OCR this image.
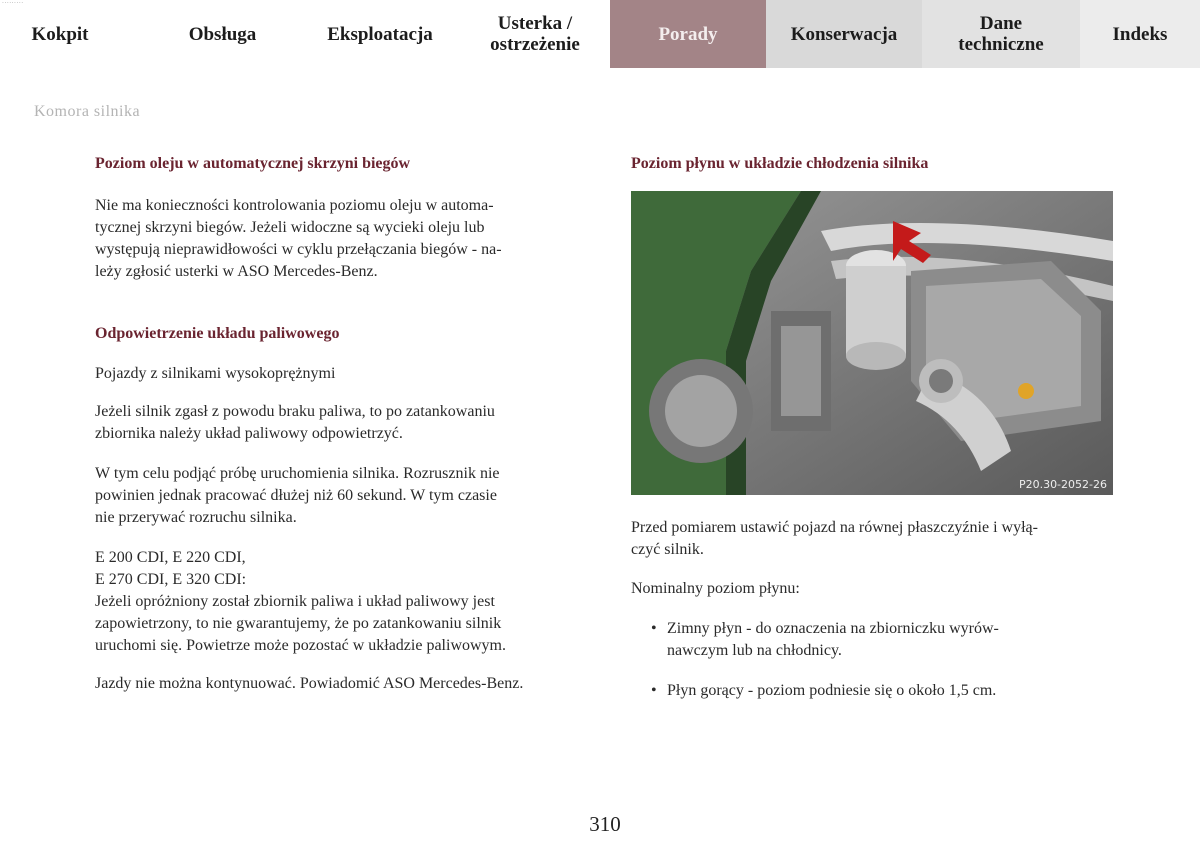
·········
Kokpit	Obsługa	Eksploatacja	Usterka / ostrzeżenie	Porady	Konserwacja	Dane techniczne	Indeks
Komora silnika
Poziom oleju w automatycznej skrzyni biegów

Nie ma konieczności kontrolowania poziomu oleju w automa-

tycznej skrzyni biegów. Jeżeli widoczne są wycieki oleju lub

występują nieprawidłowości w cyklu przełączania biegów - na-

leży zgłosić usterki w ASO Mercedes-Benz.

Odpowietrzenie układu paliwowego

Pojazdy z silnikami wysokoprężnymi

Jeżeli silnik zgasł z powodu braku paliwa, to po zatankowaniu

zbiornika należy układ paliwowy odpowietrzyć.

W tym celu podjąć próbę uruchomienia silnika. Rozrusznik nie

powinien jednak pracować dłużej niż 60 sekund. W tym czasie

nie przerywać rozruchu silnika.

E 200 CDI, E 220 CDI,

E 270 CDI, E 320 CDI:

Jeżeli opróżniony został zbiornik paliwa i układ paliwowy jest

zapowietrzony, to nie gwarantujemy, że po zatankowaniu silnik

uruchomi się. Powietrze może pozostać w układzie paliwowym.

Jazdy nie można kontynuować. Powiadomić ASO Mercedes-Benz.

Poziom płynu w układzie chłodzenia silnika
P20.30-2052-26

Przed pomiarem ustawić pojazd na równej płaszczyźnie i wyłą-

czyć silnik.

Nominalny poziom płynu:

• Zimny płyn - do oznaczenia na zbiorniczku wyrów-
nawczym lub na chłodnicy.
• Płyn gorący - poziom podniesie się o około 1,5 cm.
310
